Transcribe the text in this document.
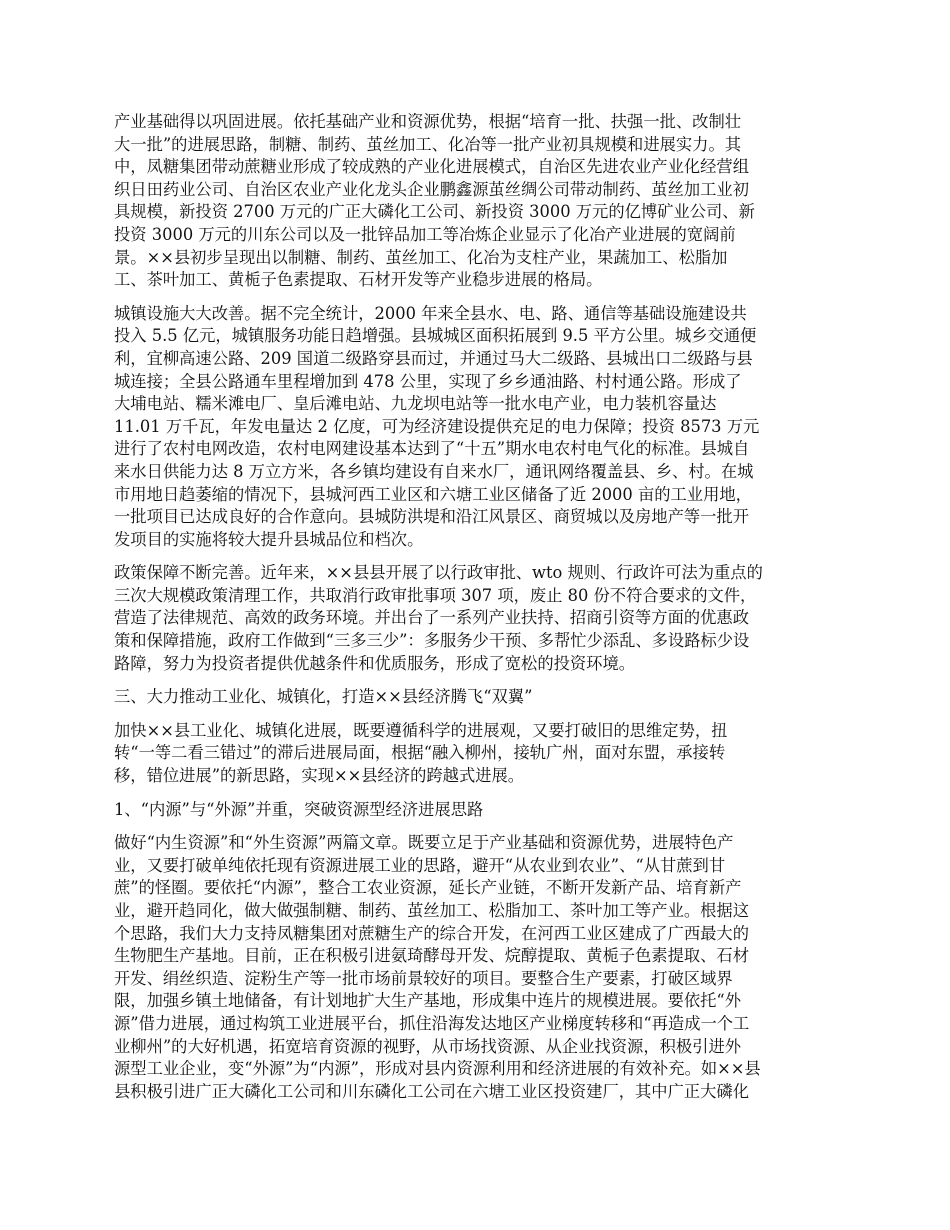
产业基础得以巩固进展。依托基础产业和资源优势，根据“培育一批、扶强一批、改制壮
大一批”的进展思路，制糖、制药、茧丝加工、化冶等一批产业初具规模和进展实力。其
中，凤糖集团带动蔗糖业形成了较成熟的产业化进展模式，自治区先进农业产业化经营组
织日田药业公司、自治区农业产业化龙头企业鹏鑫源茧丝绸公司带动制药、茧丝加工业初
具规模，新投资 2700 万元的广正大磷化工公司、新投资 3000 万元的亿博矿业公司、新
投资 3000 万元的川东公司以及一批锌品加工等冶炼企业显示了化冶产业进展的宽阔前
景。××县初步呈现出以制糖、制药、茧丝加工、化冶为支柱产业，果蔬加工、松脂加
工、茶叶加工、黄栀子色素提取、石材开发等产业稳步进展的格局。

城镇设施大大改善。据不完全统计，2000 年来全县水、电、路、通信等基础设施建设共
投入 5.5 亿元，城镇服务功能日趋增强。县城城区面积拓展到 9.5 平方公里。城乡交通便
利，宜柳高速公路、209 国道二级路穿县而过，并通过马大二级路、县城出口二级路与县
城连接；全县公路通车里程增加到 478 公里，实现了乡乡通油路、村村通公路。形成了
大埔电站、糯米滩电厂、皇后滩电站、九龙坝电站等一批水电产业，电力装机容量达
11.01 万千瓦，年发电量达 2 亿度，可为经济建设提供充足的电力保障；投资 8573 万元
进行了农村电网改造，农村电网建设基本达到了“十五”期水电农村电气化的标准。县城自
来水日供能力达 8 万立方米，各乡镇均建设有自来水厂，通讯网络覆盖县、乡、村。在城
市用地日趋萎缩的情况下，县城河西工业区和六塘工业区储备了近 2000 亩的工业用地，
一批项目已达成良好的合作意向。县城防洪堤和沿江风景区、商贸城以及房地产等一批开
发项目的实施将较大提升县城品位和档次。

政策保障不断完善。近年来，××县县开展了以行政审批、wto 规则、行政许可法为重点的
三次大规模政策清理工作，共取消行政审批事项 307 项，废止 80 份不符合要求的文件，
营造了法律规范、高效的政务环境。并出台了一系列产业扶持、招商引资等方面的优惠政
策和保障措施，政府工作做到“三多三少”：多服务少干预、多帮忙少添乱、多设路标少设
路障，努力为投资者提供优越条件和优质服务，形成了宽松的投资环境。

三、大力推动工业化、城镇化，打造××县经济腾飞“双翼”

加快××县工业化、城镇化进展，既要遵循科学的进展观，又要打破旧的思维定势，扭
转“一等二看三错过”的滞后进展局面，根据“融入柳州，接轨广州，面对东盟，承接转
移，错位进展”的新思路，实现××县经济的跨越式进展。

1、“内源”与“外源”并重，突破资源型经济进展思路

做好“内生资源”和“外生资源”两篇文章。既要立足于产业基础和资源优势，进展特色产
业，又要打破单纯依托现有资源进展工业的思路，避开“从农业到农业”、“从甘蔗到甘
蔗”的怪圈。要依托“内源”，整合工农业资源，延长产业链，不断开发新产品、培育新产
业，避开趋同化，做大做强制糖、制药、茧丝加工、松脂加工、茶叶加工等产业。根据这
个思路，我们大力支持凤糖集团对蔗糖生产的综合开发，在河西工业区建成了广西最大的
生物肥生产基地。目前，正在积极引进氨琦酵母开发、烷醇提取、黄栀子色素提取、石材
开发、绢丝织造、淀粉生产等一批市场前景较好的项目。要整合生产要素，打破区域界
限，加强乡镇土地储备，有计划地扩大生产基地，形成集中连片的规模进展。要依托“外
源”借力进展，通过构筑工业进展平台，抓住沿海发达地区产业梯度转移和“再造成一个工
业柳州”的大好机遇，拓宽培育资源的视野，从市场找资源、从企业找资源，积极引进外
源型工业企业，变“外源”为“内源”，形成对县内资源利用和经济进展的有效补充。如××县
县积极引进广正大磷化工公司和川东磷化工公司在六塘工业区投资建厂，其中广正大磷化
